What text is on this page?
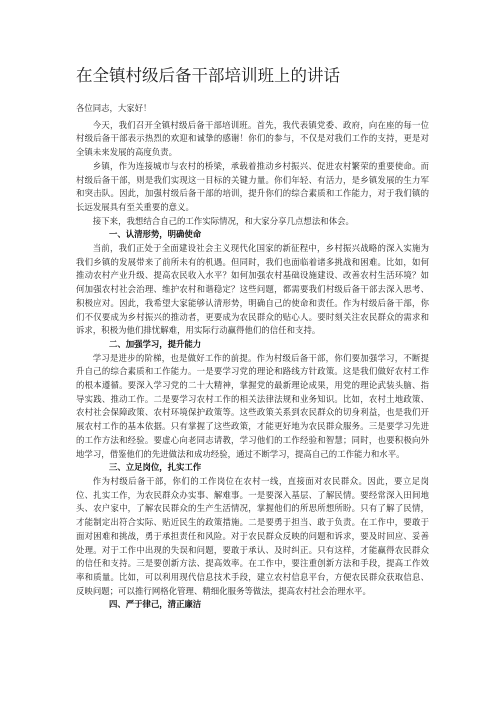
在全镇村级后备干部培训班上的讲话

各位同志，大家好！

今天，我们召开全镇村级后备干部培训班。首先，我代表镇党委、政府，向在座的每一位村级后备干部表示热烈的欢迎和诚挚的感谢！你们的参与，不仅是对我们工作的支持，更是对全镇未来发展的高度负责。

乡镇，作为连接城市与农村的桥梁，承载着推动乡村振兴、促进农村繁荣的重要使命。而村级后备干部，则是我们实现这一目标的关键力量。你们年轻、有活力，是乡镇发展的生力军和突击队。因此，加强村级后备干部的培训，提升你们的综合素质和工作能力，对于我们镇的长远发展具有至关重要的意义。

接下来，我想结合自己的工作实际情况，和大家分享几点想法和体会。

一、认清形势，明确使命

当前，我们正处于全面建设社会主义现代化国家的新征程中，乡村振兴战略的深入实施为我们乡镇的发展带来了前所未有的机遇。但同时，我们也面临着诸多挑战和困难。比如，如何推动农村产业升级、提高农民收入水平？如何加强农村基础设施建设、改善农村生活环境？如何加强农村社会治理、维护农村和谐稳定？这些问题，都需要我们村级后备干部去深入思考、积极应对。因此，我希望大家能够认清形势，明确自己的使命和责任。作为村级后备干部，你们不仅要成为乡村振兴的推动者，更要成为农民群众的贴心人。要时刻关注农民群众的需求和诉求，积极为他们排忧解难，用实际行动赢得他们的信任和支持。

二、加强学习，提升能力

学习是进步的阶梯，也是做好工作的前提。作为村级后备干部，你们要加强学习，不断提升自己的综合素质和工作能力。一是要学习党的理论和路线方针政策。这是我们做好农村工作的根本遵循。要深入学习党的二十大精神，掌握党的最新理论成果，用党的理论武装头脑、指导实践、推动工作。二是要学习农村工作的相关法律法规和业务知识。比如，农村土地政策、农村社会保障政策、农村环境保护政策等。这些政策关系到农民群众的切身利益，也是我们开展农村工作的基本依据。只有掌握了这些政策，才能更好地为农民群众服务。三是要学习先进的工作方法和经验。要虚心向老同志请教，学习他们的工作经验和智慧；同时，也要积极向外地学习，借鉴他们的先进做法和成功经验，通过不断学习，提高自己的工作能力和水平。

三、立足岗位，扎实工作

作为村级后备干部，你们的工作岗位在农村一线，直接面对农民群众。因此，要立足岗位、扎实工作，为农民群众办实事、解难事。一是要深入基层、了解民情。要经常深入田间地头、农户家中，了解农民群众的生产生活情况，掌握他们的所思所想所盼。只有了解了民情，才能制定出符合实际、贴近民生的政策措施。二是要勇于担当、敢于负责。在工作中，要敢于面对困难和挑战，勇于承担责任和风险。对于农民群众反映的问题和诉求，要及时回应、妥善处理。对于工作中出现的失误和问题，要敢于承认、及时纠正。只有这样，才能赢得农民群众的信任和支持。三是要创新方法、提高效率。在工作中，要注重创新方法和手段，提高工作效率和质量。比如，可以利用现代信息技术手段，建立农村信息平台，方便农民群众获取信息、反映问题；可以推行网格化管理、精细化服务等做法，提高农村社会治理水平。

四、严于律己，清正廉洁
